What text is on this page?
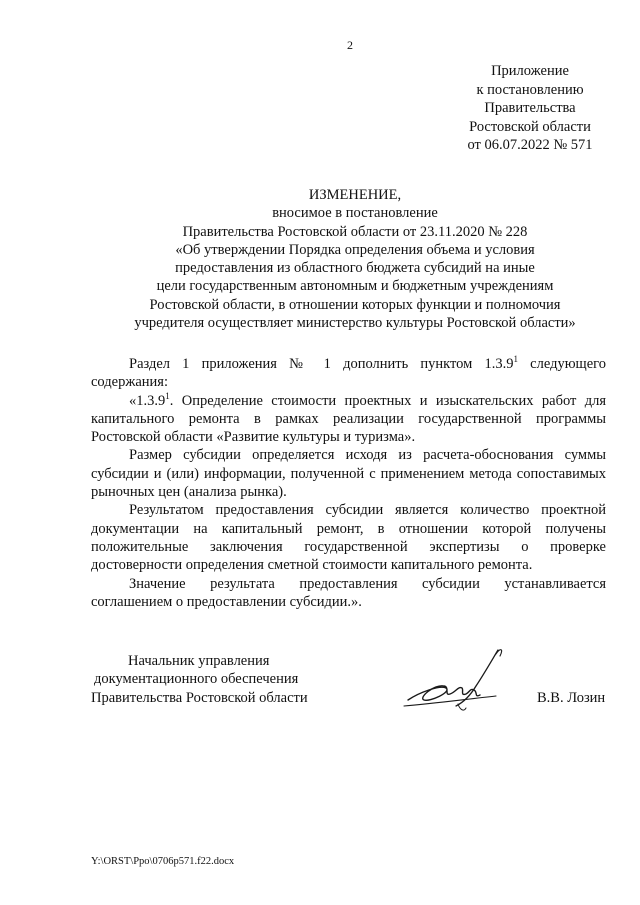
2
Приложение
к постановлению
Правительства
Ростовской области
от 06.07.2022 № 571
ИЗМЕНЕНИЕ,
вносимое в постановление
Правительства Ростовской области от 23.11.2020 № 228
«Об утверждении Порядка определения объема и условия
предоставления из областного бюджета субсидий на иные
цели государственным автономным и бюджетным учреждениям
Ростовской области, в отношении которых функции и полномочия
учредителя осуществляет министерство культуры Ростовской области»

Раздел 1 приложения № 1 дополнить пунктом 1.3.9$^1$ следующего содержания:

«1.3.9$^1$. Определение стоимости проектных и изыскательских работ для капитального ремонта в рамках реализации государственной программы Ростовской области «Развитие культуры и туризма».

Размер субсидии определяется исходя из расчета-обоснования суммы субсидии и (или) информации, полученной с применением метода сопоставимых рыночных цен (анализа рынка).

Результатом предоставления субсидии является количество проектной документации на капитальный ремонт, в отношении которой получены положительные заключения государственной экспертизы о проверке достоверности определения сметной стоимости капитального ремонта.

Значение результата предоставления субсидии устанавливается соглашением о предоставлении субсидии.».

Начальник управления
документационного обеспечения
Правительства Ростовской области	В.В. Лозин
Y:\ORST\Ppo\0706p571.f22.docx
